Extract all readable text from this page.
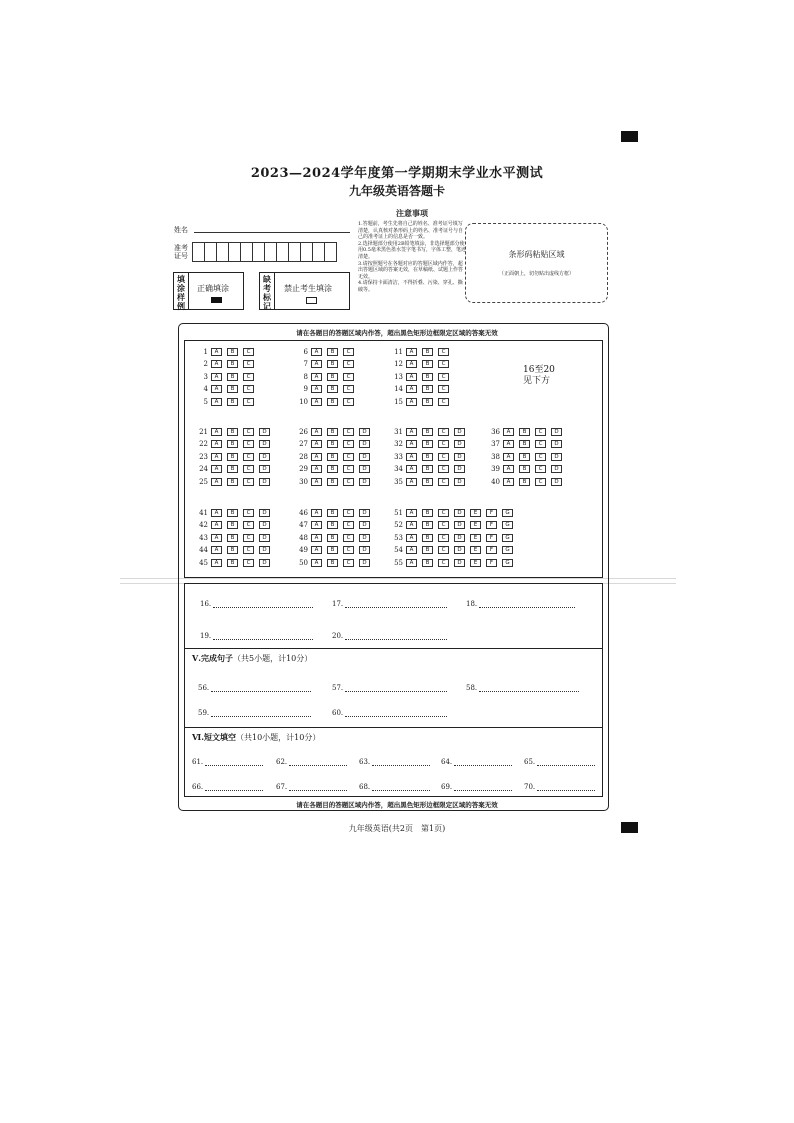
2023—2024学年度第一学期期末学业水平测试
九年级英语答题卡
姓名
准考
证号
填
涂
样
例
正确填涂
缺
考
标
记
禁止考生填涂
注意事项

1.答题前，考生先将自己的姓名、准考证号填写清楚，认真核对条形码上的姓名、准考证号与自己的准考证上的信息是否一致。

2.选择题部分使用2B铅笔填涂，非选择题部分使用0.5毫米黑色墨水签字笔书写，字体工整，笔迹清楚。

3.请按照题号在各题对应的答题区域内作答，超出答题区域的答案无效，在草稿纸、试题上作答无效。

4.请保持卡面清洁，不得折叠、污染、穿孔、撕破等。

条形码粘贴区域
（正面朝上，切勿贴出虚线方框）
请在各题目的答题区域内作答，超出黑色矩形边框限定区域的答案无效
1	A	B	C
2	A	B	C
3	A	B	C
4	A	B	C
5	A	B	C
6	A	B	C
7	A	B	C
8	A	B	C
9	A	B	C
10	A	B	C
11	A	B	C
12	A	B	C
13	A	B	C
14	A	B	C
15	A	B	C
21	A	B	C	D
22	A	B	C	D
23	A	B	C	D
24	A	B	C	D
25	A	B	C	D
26	A	B	C	D
27	A	B	C	D
28	A	B	C	D
29	A	B	C	D
30	A	B	C	D
31	A	B	C	D
32	A	B	C	D
33	A	B	C	D
34	A	B	C	D
35	A	B	C	D
36	A	B	C	D
37	A	B	C	D
38	A	B	C	D
39	A	B	C	D
40	A	B	C	D
41	A	B	C	D
42	A	B	C	D
43	A	B	C	D
44	A	B	C	D
45	A	B	C	D
46	A	B	C	D
47	A	B	C	D
48	A	B	C	D
49	A	B	C	D
50	A	B	C	D
51	A	B	C	D	E	F	G
52	A	B	C	D	E	F	G
53	A	B	C	D	E	F	G
54	A	B	C	D	E	F	G
55	A	B	C	D	E	F	G
16至20
见下方
16.	17.	18.
19.	20.
Ⅴ.完成句子（共5小题，计10分）
56.	57.	58.
59.	60.
Ⅵ.短文填空（共10小题，计10分）
61.	62.	63.	64.	65.
66.	67.	68.	69.	70.
请在各题目的答题区域内作答，超出黑色矩形边框限定区域的答案无效
九年级英语(共2页　第1页)
